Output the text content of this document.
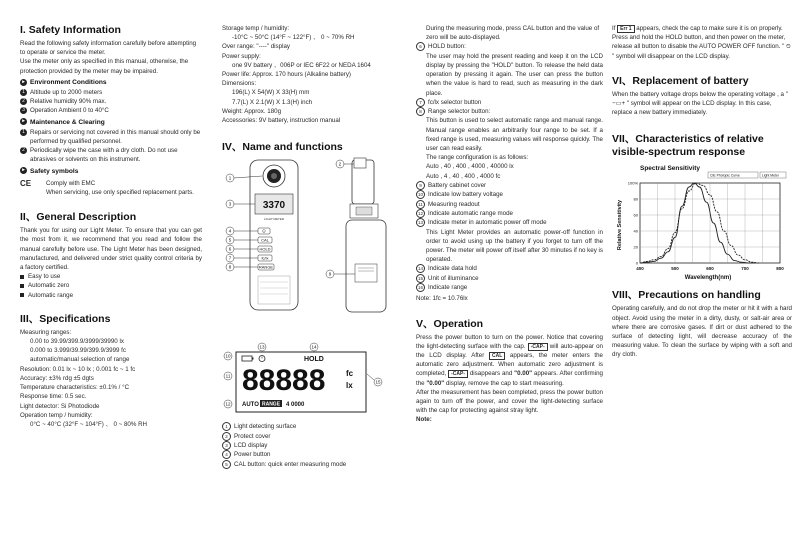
I. Safety Information

Read the following safety information carefully before attempting to operate or service the meter.

Use the meter only as specified in this manual, otherwise, the protection provided by the meter may be impaired.

▸ Environment Conditions

1 Altitude up to 2000 meters

2 Relative humidity 90% max.

3 Operation Ambient 0 to 40°C

▸ Maintenance & Clearing
1 Repairs or servicing not covered in this manual should only be performed by qualified personnel.
2 Periodically wipe the case with a dry cloth. Do not use abrasives or solvents on this instrument.
▸ Safety symbols
CE	Comply with EMC

When servicing, use only specified replacement parts.

II、General Description

Thank you for using our Light Meter. To ensure that you can get the most from it, we recommend that you read and follow the manual carefully before use. The Light Meter has been designed, manufactured, and delivered under strict quality control criteria by a factory certified.

Easy to use

Automatic zero

Automatic range

III、Specifications

Measuring ranges:

0.00 to 39.99/399.9/3999/39990 lx

0.000 to 3.999/39.99/399.9/3999 fc

automatic/manual selection of range

Resolution: 0.01 lx ~ 10 lx ; 0.001 fc ~ 1 fc

Accuracy: ±3% rdg ±5 dgts

Temperature characteristics: ±0.1% / °C

Response time: 0.5 sec.

Light detector: Si Photodiode

Operation temp / humidity:

0°C ~ 40°C (32°F ~ 104°F) 、 0 ~ 80% RH

Storage temp / humidity:

-10°C ~ 50°C (14°F ~ 122°F) 、 0 ~ 70% RH

Over range: "----" display

Power supply:

one 9V battery 、006P or IEC 6F22 or NEDA 1604

Power life: Approx. 170 hours (Alkaline battery)

Dimensions:

196(L) X 54(W) X 33(H) mm

7.7(L) X 2.1(W) X 1.3(H) inch

Weight: Approx. 180g

Accessories: 9V battery, instruction manual

IV、Name and functions
3370
LIGHT METER
⏻
CAL
HOLD
fc/lx
RANGE
1
2
3
4
5
6
7
8
9
HOLD
88888	fc
lx
AUTO RANGE 4 0000
10
11
12
13	14
15

1 Light detecting surface

2 Protect cover

3 LCD display

4 Power button

5 CAL button: quick enter measuring mode

During the measuring mode, press CAL button and the value of zero will be auto-displayed.

6 HOLD button:

The user may hold the present reading and keep it on the LCD display by pressing the "HOLD" button. To release the held data operation by pressing it again. The user can press the button when the value is hard to read, such as measuring in the dark place.

7 fc/lx selector button

8 Range selector button:

This button is used to select automatic range and manual range. Manual range enables an arbitrarily four range to be set. If a fixed range is used, measuring values will response quickly. The user can read easily.

The range configuration is as follows:

Auto , 40 , 400 , 4000 , 40000 lx

Auto , 4 , 40 , 400 , 4000 fc

9 Battery cabinet cover

10 Indicate low battery voltage

11 Measuring readout

12 Indicate automatic range mode

13 Indicate meter in automatic power off mode

This Light Meter provides an automatic power-off function in order to avoid using up the battery if you forget to turn off the power. The meter will power off itself after 30 minutes if no key is operated.

14 Indicate data hold

15 Unit of illuminance

16 Indicate range

Note: 1fc = 10.76lx

V、Operation

Press the power button to turn on the power. Notice that covering the light-detecting surface with the cap. -CAP- will auto-appear on the LCD display. After CAL appears, the meter enters the automatic zero adjustment. When automatic zero adjustment is completed, -CAP- disappears and "0.00" appears. After confirming the "0.00" display, remove the cap to start measuring.

After the measurement has been completed, press the power button again to turn off the power, and cover the light-detecting surface with the cap for protecting against stray light.

Note:

If Err 1 appears, check the cap to make sure it is on properly.

Press and hold the HOLD button, and then power on the meter, release all button to disable the AUTO POWER OFF function. " ⏲ " symbol will disappear on the LCD display.

VI、Replacement of battery

When the battery voltage drops below the operating voltage , a " −▭+ " symbol will appear on the LCD display. In this case, replace a new battery immediately.

VII、Characteristics of relative visible-spectrum response
Spectral Sensitivity
CIE Photopic Curve	Light Meter
100%
80
60
40
20
0
400	500	600	700	800
Relative Sensitivity
Wavelength(nm)
VIII、Precautions on handling

Operating carefully, and do not drop the meter or hit it with a hard object. Avoid using the meter in a dirty, dusty, or salt-air area or where there are corrosive gases. If dirt or dust adhered to the surface of detecting light, will decrease accuracy of the measuring value. To clean the surface by wiping with a soft and dry cloth.
